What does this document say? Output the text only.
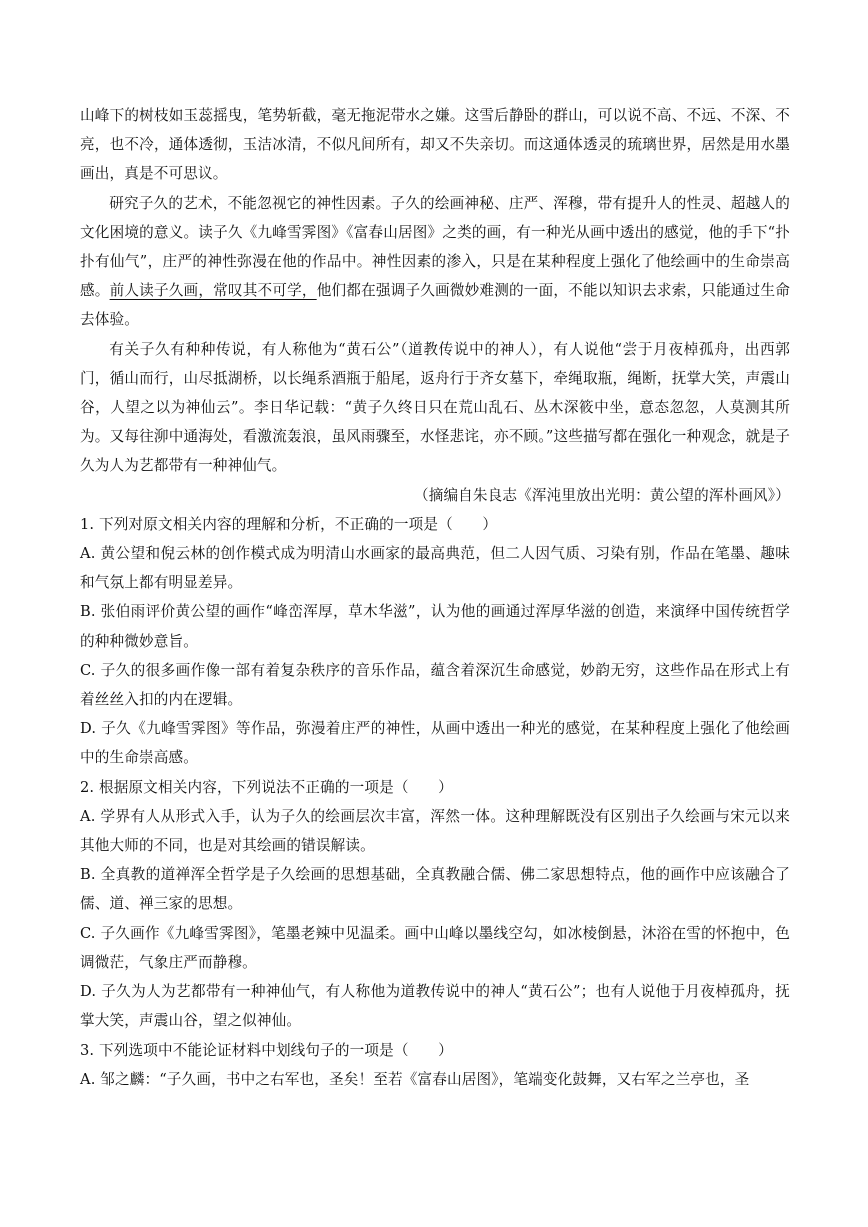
山峰下的树枝如玉蕊摇曳，笔势斩截，毫无拖泥带水之嫌。这雪后静卧的群山，可以说不高、不远、不深、不亮，也不冷，通体透彻，玉洁冰清，不似凡间所有，却又不失亲切。而这通体透灵的琉璃世界，居然是用水墨画出，真是不可思议。

研究子久的艺术，不能忽视它的神性因素。子久的绘画神秘、庄严、浑穆，带有提升人的性灵、超越人的文化困境的意义。读子久《九峰雪霁图》《富春山居图》之类的画，有一种光从画中透出的感觉，他的手下“扑扑有仙气”，庄严的神性弥漫在他的作品中。神性因素的渗入，只是在某种程度上强化了他绘画中的生命崇高感。前人读子久画，常叹其不可学，他们都在强调子久画微妙难测的一面，不能以知识去求索，只能通过生命去体验。

有关子久有种种传说，有人称他为“黄石公”（道教传说中的神人），有人说他“尝于月夜棹孤舟，出西郭门，循山而行，山尽抵湖桥，以长绳系酒瓶于船尾，返舟行于齐女墓下，牵绳取瓶，绳断，抚掌大笑，声震山谷，人望之以为神仙云”。李日华记载：“黄子久终日只在荒山乱石、丛木深筱中坐，意态忽忽，人莫测其所为。又每往泖中通海处，看激流轰浪，虽风雨骤至，水怪悲诧，亦不顾。”这些描写都在强化一种观念，就是子久为人为艺都带有一种神仙气。

（摘编自朱良志《浑沌里放出光明：黄公望的浑朴画风》）

1. 下列对原文相关内容的理解和分析，不正确的一项是（　　）

A. 黄公望和倪云林的创作模式成为明清山水画家的最高典范，但二人因气质、习染有别，作品在笔墨、趣味和气氛上都有明显差异。

B. 张伯雨评价黄公望的画作“峰峦浑厚，草木华滋”，认为他的画通过浑厚华滋的创造，来演绎中国传统哲学的种种微妙意旨。

C. 子久的很多画作像一部有着复杂秩序的音乐作品，蕴含着深沉生命感觉，妙韵无穷，这些作品在形式上有着丝丝入扣的内在逻辑。

D. 子久《九峰雪霁图》等作品，弥漫着庄严的神性，从画中透出一种光的感觉，在某种程度上强化了他绘画中的生命崇高感。

2. 根据原文相关内容，下列说法不正确的一项是（　　）

A. 学界有人从形式入手，认为子久的绘画层次丰富，浑然一体。这种理解既没有区别出子久绘画与宋元以来其他大师的不同，也是对其绘画的错误解读。

B. 全真教的道禅浑全哲学是子久绘画的思想基础，全真教融合儒、佛二家思想特点，他的画作中应该融合了儒、道、禅三家的思想。

C. 子久画作《九峰雪霁图》，笔墨老辣中见温柔。画中山峰以墨线空勾，如冰棱倒悬，沐浴在雪的怀抱中，色调微茫，气象庄严而静穆。

D. 子久为人为艺都带有一种神仙气，有人称他为道教传说中的神人“黄石公”；也有人说他于月夜棹孤舟，抚掌大笑，声震山谷，望之似神仙。

3. 下列选项中不能论证材料中划线句子的一项是（　　）

A. 邹之麟：“子久画，书中之右军也，圣矣！至若《富春山居图》，笔端变化鼓舞，又右军之兰亭也，圣
